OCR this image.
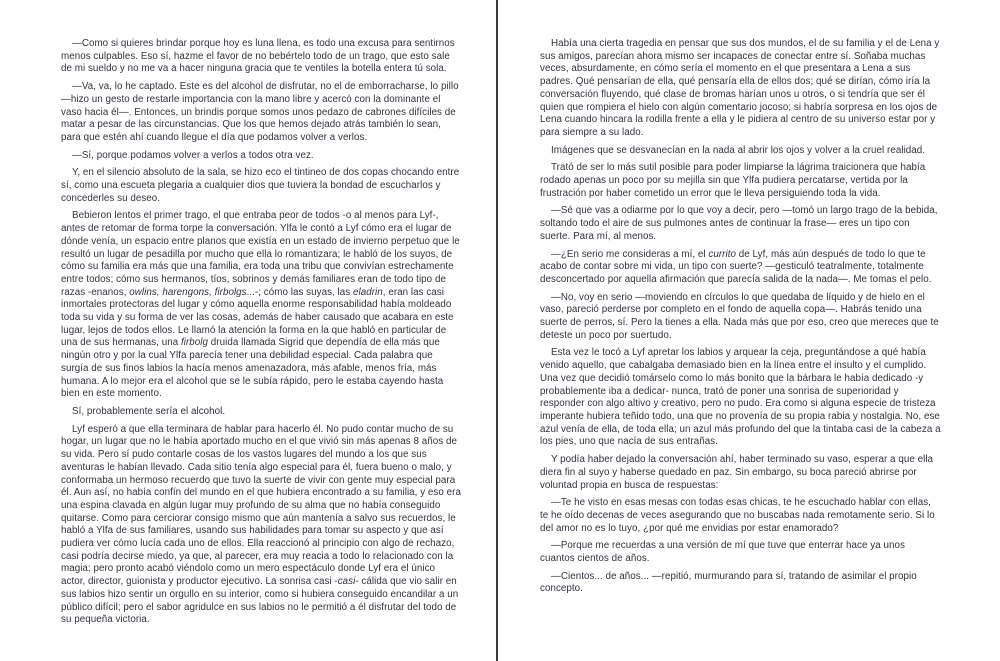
—Como si quieres brindar porque hoy es luna llena, es todo una excusa para sentirnos menos culpables. Eso sí, hazme el favor de no bebértelo todo de un trago, que esto sale de mi sueldo y no me va a hacer ninguna gracia que te ventiles la botella entera tú sola.

—Va, va, lo he captado. Este es del alcohol de disfrutar, no el de emborracharse, lo pillo —hizo un gesto de restarle importancia con la mano libre y acercó con la dominante el vaso hacia él—. Entonces, un brindis porque somos unos pedazo de cabrones difíciles de matar a pesar de las circunstancias. Que los que hemos dejado atrás también lo sean, para que estén ahí cuando llegue el día que podamos volver a verlos.

—Sí, porque podamos volver a verlos a todos otra vez.

Y, en el silencio absoluto de la sala, se hizo eco el tintineo de dos copas chocando entre sí, como una escueta plegaria a cualquier dios que tuviera la bondad de escucharlos y concederles su deseo.

Bebieron lentos el primer trago, el que entraba peor de todos -o al menos para Lyf-, antes de retomar de forma torpe la conversación. Ylfa le contó a Lyf cómo era el lugar de dónde venía, un espacio entre planos que existía en un estado de invierno perpetuo que le resultó un lugar de pesadilla por mucho que ella lo romantizara; le habló de los suyos, de cómo su familia era más que una familia, era toda una tribu que convivían estrechamente entre todos; cómo sus hermanos, tíos, sobrinos y demás familiares eran de todo tipo de razas -enanos, owlins, harengons, firbolgs...-; cómo las suyas, las eladrin, eran las casi inmortales protectoras del lugar y cómo aquella enorme responsabilidad había moldeado toda su vida y su forma de ver las cosas, además de haber causado que acabara en este lugar, lejos de todos ellos. Le llamó la atención la forma en la que habló en particular de una de sus hermanas, una firbolg druida llamada Sigrid que dependía de ella más que ningún otro y por la cual Ylfa parecía tener una debilidad especial. Cada palabra que surgía de sus finos labios la hacía menos amenazadora, más afable, menos fría, más humana. A lo mejor era el alcohol que se le subía rápido, pero le estaba cayendo hasta bien en este momento.

Sí, probablemente sería el alcohol.

Lyf esperó a que ella terminara de hablar para hacerlo él. No pudo contar mucho de su hogar, un lugar que no le había aportado mucho en el que vivió sin más apenas 8 años de su vida. Pero sí pudo contarle cosas de los vastos lugares del mundo a los que sus aventuras le habían llevado. Cada sitio tenía algo especial para él, fuera bueno o malo, y conformaba un hermoso recuerdo que tuvo la suerte de vivir con gente muy especial para él. Aun así, no había confín del mundo en el que hubiera encontrado a su familia, y eso era una espina clavada en algún lugar muy profundo de su alma que no había conseguido quitarse. Como para cerciorar consigo mismo que aún mantenía a salvo sus recuerdos, le habló a Ylfa de sus familiares, usando sus habilidades para tomar su aspecto y que así pudiera ver cómo lucía cada uno de ellos. Ella reaccionó al principio con algo de rechazo, casi podría decirse miedo, ya que, al parecer, era muy reacia a todo lo relacionado con la magia; pero pronto acabó viéndolo como un mero espectáculo donde Lyf era el único actor, director, guionista y productor ejecutivo. La sonrisa casi -casi- cálida que vio salir en sus labios hizo sentir un orgullo en su interior, como si hubiera conseguido encandilar a un público difícil; pero el sabor agridulce en sus labios no le permitió a él disfrutar del todo de su pequeña victoria.

Había una cierta tragedia en pensar que sus dos mundos, el de su familia y el de Lena y sus amigos, parecían ahora mismo ser incapaces de conectar entre sí. Soñaba muchas veces, absurdamente, en cómo sería el momento en el que presentara a Lena a sus padres. Qué pensarían de ella, qué pensaría ella de ellos dos; qué se dirían, cómo iría la conversación fluyendo, qué clase de bromas harían unos u otros, o si tendría que ser él quien que rompiera el hielo con algún comentario jocoso; si habría sorpresa en los ojos de Lena cuando hincara la rodilla frente a ella y le pidiera al centro de su universo estar por y para siempre a su lado.

Imágenes que se desvanecían en la nada al abrir los ojos y volver a la cruel realidad.

Trató de ser lo más sutil posible para poder limpiarse la lágrima traicionera que había rodado apenas un poco por su mejilla sin que Ylfa pudiera percatarse, vertida por la frustración por haber cometido un error que le lleva persiguiendo toda la vida.

—Sé que vas a odiarme por lo que voy a decir, pero —tomó un largo trago de la bebida, soltando todo el aire de sus pulmones antes de continuar la frase— eres un tipo con suerte. Para mí, al menos.

—¿En serio me consideras a mí, el currito de Lyf, más aún después de todo lo que te acabo de contar sobre mi vida, un tipo con suerte? —gesticuló teatralmente, totalmente desconcertado por aquella afirmación que parecía salida de la nada—. Me tomas el pelo.

—No, voy en serio —moviendo en círculos lo que quedaba de líquido y de hielo en el vaso, pareció perderse por completo en el fondo de aquella copa—. Habrás tenido una suerte de perros, sí. Pero la tienes a ella. Nada más que por eso, creo que mereces que te deteste un poco por suertudo.

Esta vez le tocó a Lyf apretar los labios y arquear la ceja, preguntándose a qué había venido aquello, que cabalgaba demasiado bien en la línea entre el insulto y el cumplido. Una vez que decidió tomárselo como lo más bonito que la bárbara le había dedicado -y probablemente iba a dedicar- nunca, trató de poner una sonrisa de superioridad y responder con algo altivo y creativo, pero no pudo. Era como si alguna especie de tristeza imperante hubiera teñido todo, una que no provenía de su propia rabia y nostalgia. No, ese azul venía de ella, de toda ella; un azul más profundo del que la tintaba casi de la cabeza a los pies, uno que nacía de sus entrañas.

Y podía haber dejado la conversación ahí, haber terminado su vaso, esperar a que ella diera fin al suyo y haberse quedado en paz. Sin embargo, su boca pareció abrirse por voluntad propia en busca de respuestas:

—Te he visto en esas mesas con todas esas chicas, te he escuchado hablar con ellas, te he oído decenas de veces asegurando que no buscabas nada remotamente serio. Si lo del amor no es lo tuyo, ¿por qué me envidias por estar enamorado?

—Porque me recuerdas a una versión de mí que tuve que enterrar hace ya unos cuantos cientos de años.

—Cientos... de años... —repitió, murmurando para sí, tratando de asimilar el propio concepto.
